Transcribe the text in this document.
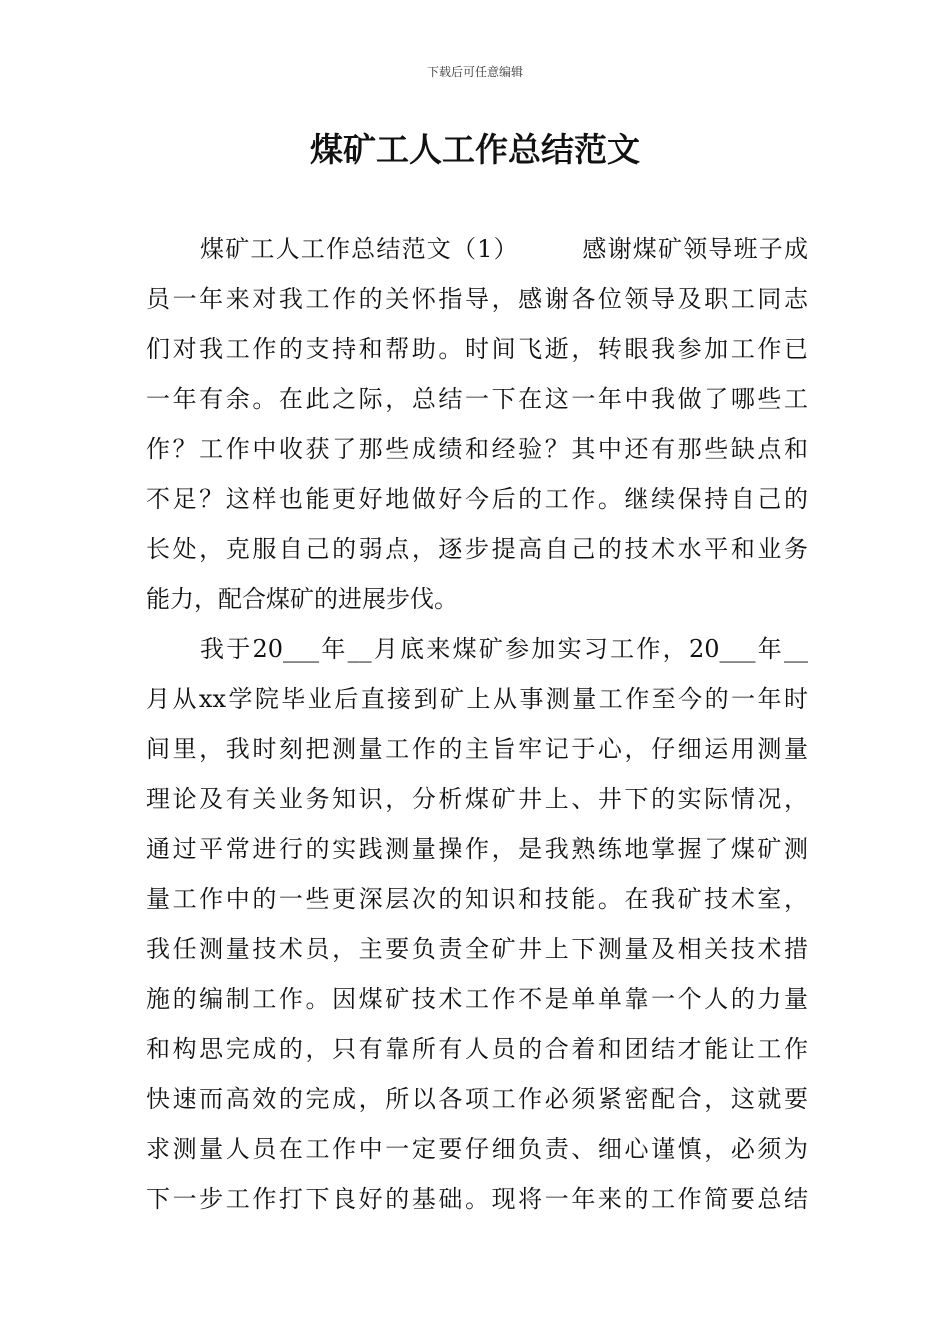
下载后可任意编辑
煤矿工人工作总结范文
煤矿工人工作总结范文（1）　　　感谢煤矿领导班子成
员一年来对我工作的关怀指导，感谢各位领导及职工同志
们对我工作的支持和帮助。时间飞逝，转眼我参加工作已
一年有余。在此之际，总结一下在这一年中我做了哪些工
作？工作中收获了那些成绩和经验？其中还有那些缺点和
不足？这样也能更好地做好今后的工作。继续保持自己的
长处，克服自己的弱点，逐步提高自己的技术水平和业务
能力，配合煤矿的进展步伐。
我于20___年__月底来煤矿参加实习工作，20___年__
月从xx学院毕业后直接到矿上从事测量工作至今的一年时
间里，我时刻把测量工作的主旨牢记于心，仔细运用测量
理论及有关业务知识，分析煤矿井上、井下的实际情况，
通过平常进行的实践测量操作，是我熟练地掌握了煤矿测
量工作中的一些更深层次的知识和技能。在我矿技术室，
我任测量技术员，主要负责全矿井上下测量及相关技术措
施的编制工作。因煤矿技术工作不是单单靠一个人的力量
和构思完成的，只有靠所有人员的合着和团结才能让工作
快速而高效的完成，所以各项工作必须紧密配合，这就要
求测量人员在工作中一定要仔细负责、细心谨慎，必须为
下一步工作打下良好的基础。现将一年来的工作简要总结
